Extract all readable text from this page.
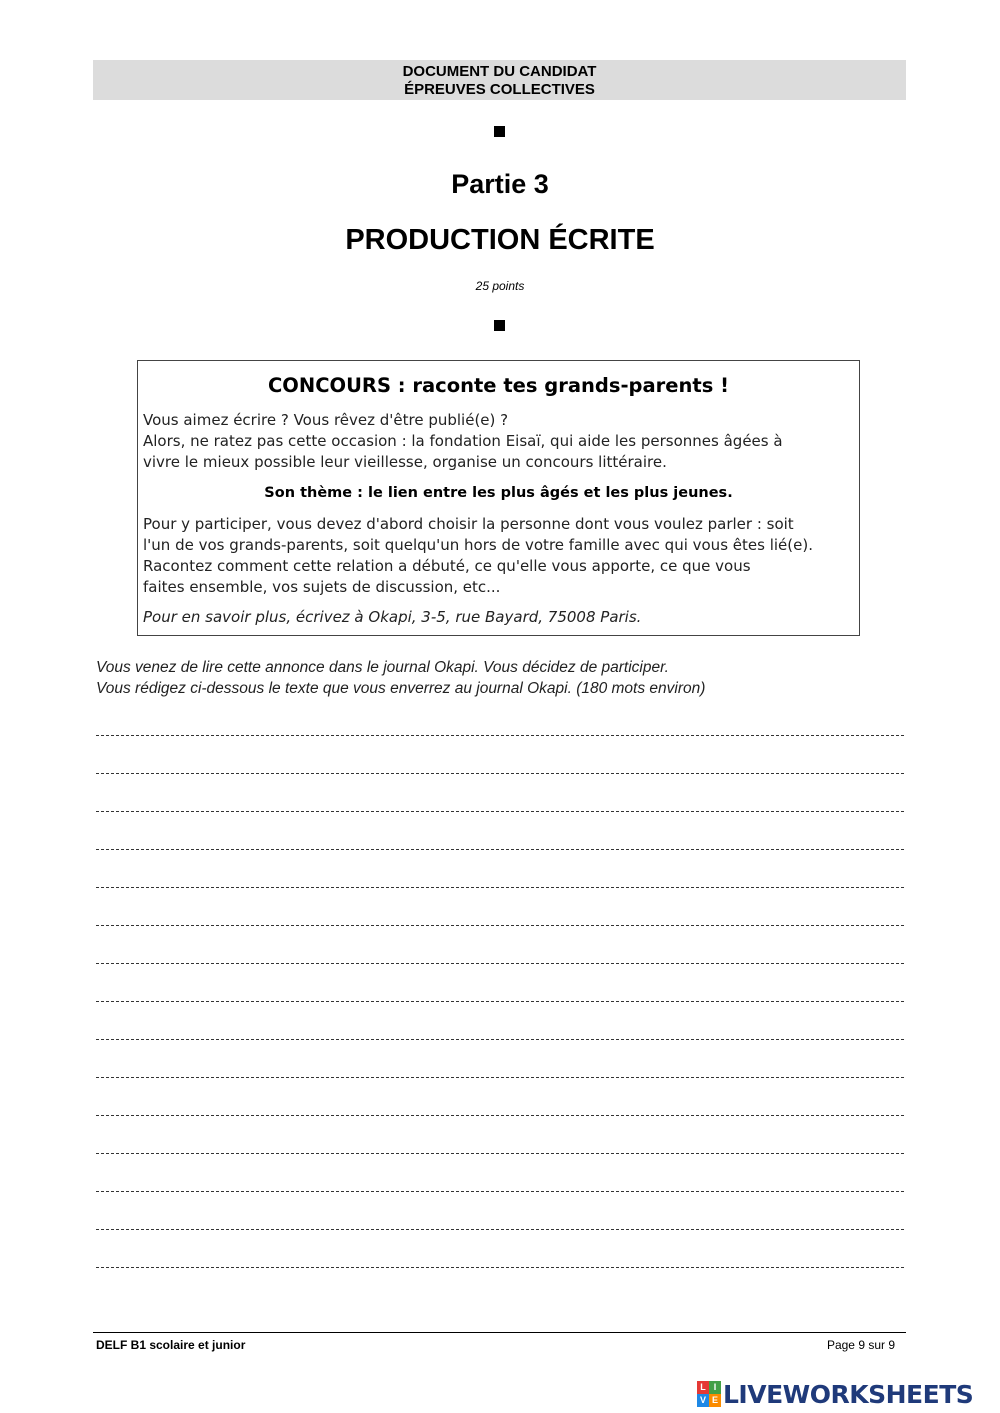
DOCUMENT DU CANDIDAT
ÉPREUVES COLLECTIVES
Partie 3
PRODUCTION ÉCRITE
25 points
CONCOURS : raconte tes grands-parents !
Vous aimez écrire ? Vous rêvez d'être publié(e) ?
Alors, ne ratez pas cette occasion : la fondation Eisaï, qui aide les personnes âgées à
vivre le mieux possible leur vieillesse, organise un concours littéraire.
Son thème : le lien entre les plus âgés et les plus jeunes.
Pour y participer, vous devez d'abord choisir la personne dont vous voulez parler : soit
l'un de vos grands-parents, soit quelqu'un hors de votre famille avec qui vous êtes lié(e).
Racontez comment cette relation a débuté, ce qu'elle vous apporte, ce que vous
faites ensemble, vos sujets de discussion, etc...
Pour en savoir plus, écrivez à Okapi, 3-5, rue Bayard, 75008 Paris.
Vous venez de lire cette annonce dans le journal Okapi. Vous décidez de participer.
Vous rédigez ci-dessous le texte que vous enverrez au journal Okapi. (180 mots environ)
DELF B1 scolaire et junior	Page 9 sur 9
L I
V E LIVEWORKSHEETS
